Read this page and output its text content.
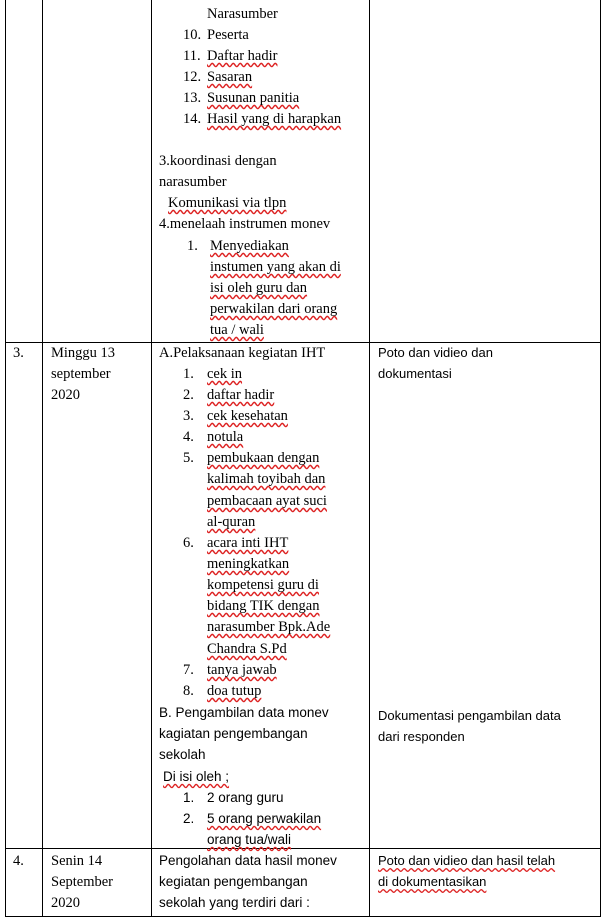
Narasumber
10. Peserta
11. Daftar hadir
12. Sasaran
13. Susunan panitia
14. Hasil yang di harapkan
3.koordinasi dengan
narasumber
Komunikasi via tlpn
4.menelaah instrumen monev
1. Menyediakan
instumen yang akan di
isi oleh guru dan
perwakilan dari orang
tua / wali
3. Minggu 13
september
2020
A.Pelaksanaan kegiatan IHT
1. cek in
2. daftar hadir
3. cek kesehatan
4. notula
5. pembukaan dengan
kalimah toyibah dan
pembacaan ayat suci
al-quran
6. acara inti IHT
meningkatkan
kompetensi guru di
bidang TIK dengan
narasumber Bpk.Ade
Chandra S.Pd
7. tanya jawab
8. doa tutup
B. Pengambilan data monev
kagiatan pengembangan
sekolah
Di isi oleh ;
1. 2 orang guru
2. 5 orang perwakilan
orang tua/wali
Poto dan vidieo dan
dokumentasi
Dokumentasi pengambilan data
dari responden
4. Senin 14
September
2020
Pengolahan data hasil monev
kegiatan pengembangan
sekolah yang terdiri dari :
Poto dan vidieo dan hasil telah
di dokumentasikan
